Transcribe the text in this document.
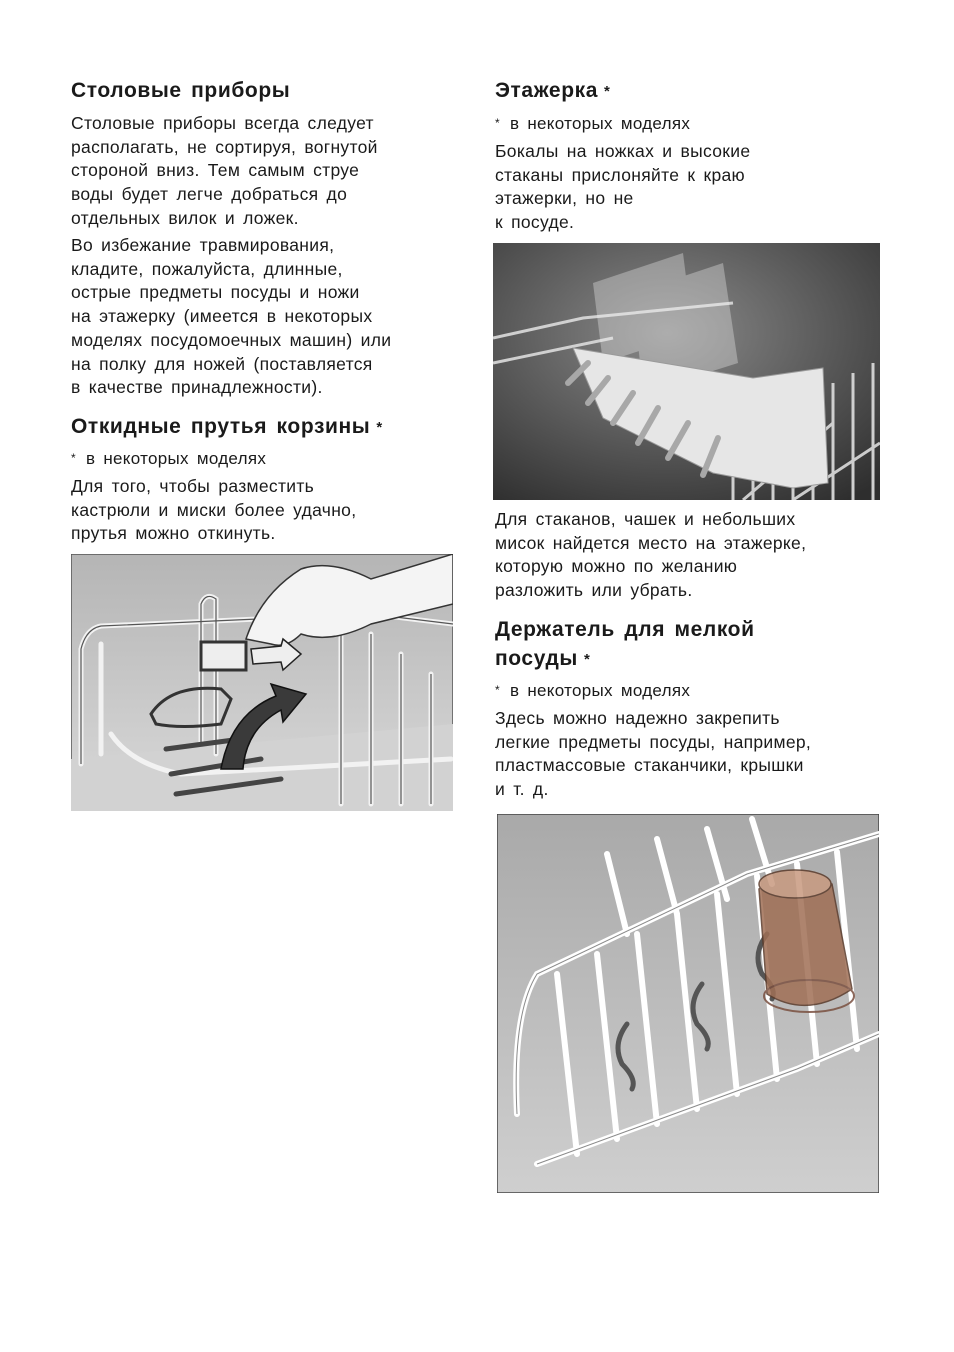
Столовые приборы

Столовые приборы всегда следует
располагать, не сортируя, вогнутой
стороной вниз. Тем самым струе
воды будет легче добраться до
отдельных вилок и ложек.

Во избежание травмирования,
кладите, пожалуйста, длинные,
острые предметы посуды и ножи
на этажерку (имеется в некоторых
моделях посудомоечных машин) или
на полку для ножей (поставляется
в качестве принадлежности).

Откидные прутья корзины *
* в некоторых моделях

Для того, чтобы разместить
кастрюли и миски более удачно,
прутья можно откинуть.

Этажерка *
* в некоторых моделях

Бокалы на ножках и высокие
стаканы прислоняйте к краю
этажерки, но не
к посуде.

Для стаканов, чашек и небольших
мисок найдется место на этажерке,
которую можно по желанию
разложить или убрать.

Держатель для мелкой
посуды *
* в некоторых моделях

Здесь можно надежно закрепить
легкие предметы посуды, например,
пластмассовые стаканчики, крышки
и т. д.
